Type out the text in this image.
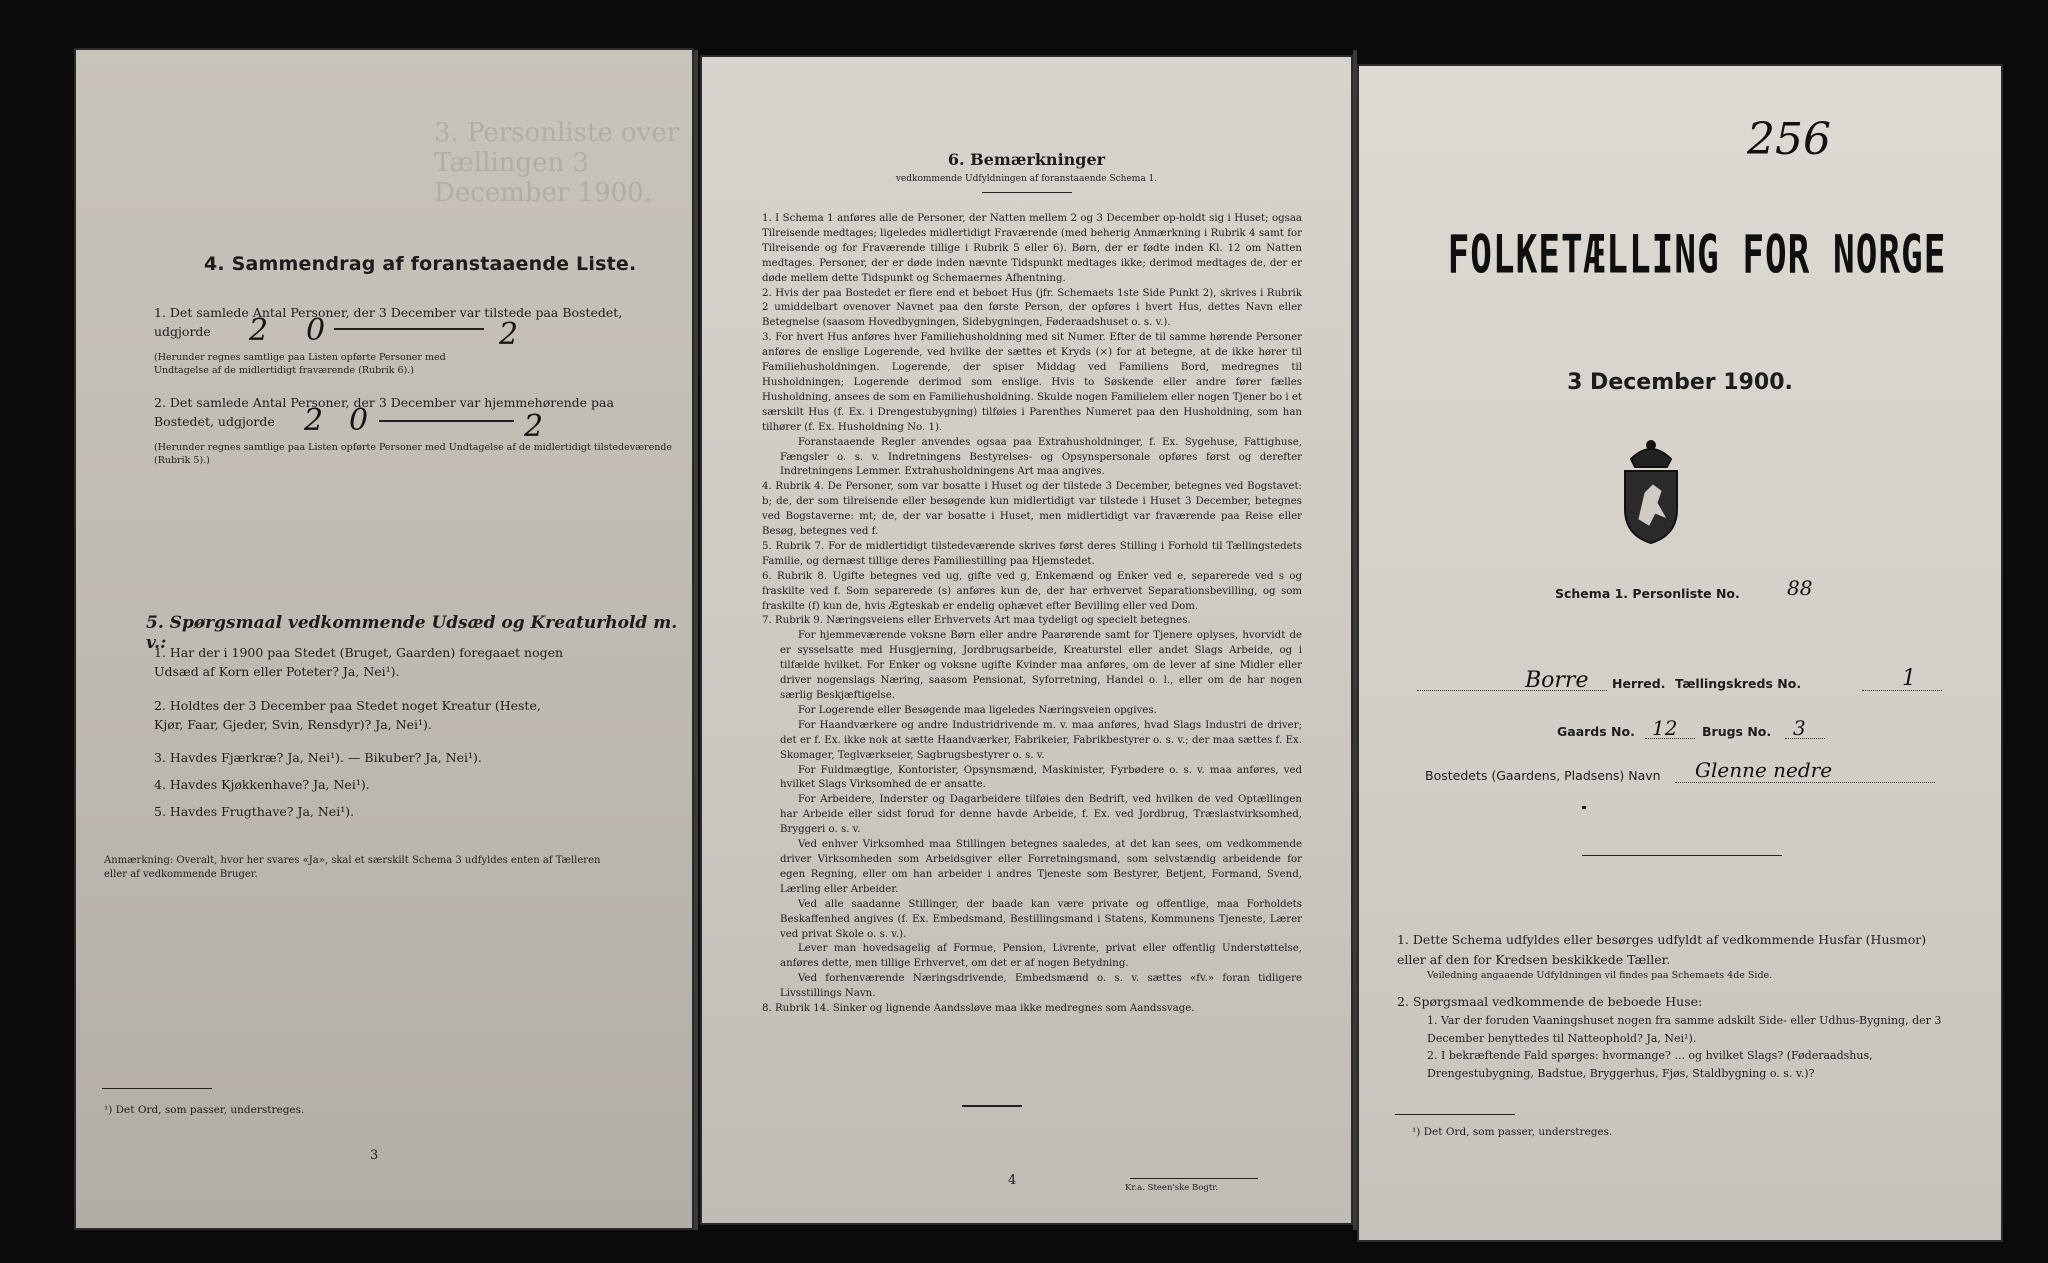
3. Personliste over Tællingen 3 December 1900.
4. Sammendrag af foranstaaende Liste.
1. Det samlede Antal Personer, der 3 December var tilstede paa Bostedet,
udgjorde 2 0	2
(Herunder regnes samtlige paa Listen opførte Personer med Undtagelse af de midlertidigt fraværende (Rubrik 6).)
2. Det samlede Antal Personer, der 3 December var hjemmehørende paa
Bostedet, udgjorde 2 0	2
(Herunder regnes samtlige paa Listen opførte Personer med Undtagelse af de midlertidigt tilstedeværende (Rubrik 5).)
5. Spørgsmaal vedkommende Udsæd og Kreaturhold m. v.:
1. Har der i 1900 paa Stedet (Bruget, Gaarden) foregaaet nogen Udsæd af Korn eller Poteter? Ja, Nei¹).
2. Holdtes der 3 December paa Stedet noget Kreatur (Heste, Kjør, Faar, Gjeder, Svin, Rensdyr)? Ja, Nei¹).
3. Havdes Fjærkræ? Ja, Nei¹). — Bikuber? Ja, Nei¹).
4. Havdes Kjøkkenhave? Ja, Nei¹).
5. Havdes Frugthave? Ja, Nei¹).
Anmærkning: Overalt, hvor her svares «Ja», skal et særskilt Schema 3 udfyldes enten af Tælleren eller af vedkommende Bruger.
¹) Det Ord, som passer, understreges.
3
6. Bemærkninger
vedkommende Udfyldningen af foranstaaende Schema 1.

1. I Schema 1 anføres alle de Personer, der Natten mellem 2 og 3 December op-holdt sig i Huset; ogsaa Tilreisende medtages; ligeledes midlertidigt Fraværende (med beherig Anmærkning i Rubrik 4 samt for Tilreisende og for Fraværende tillige i Rubrik 5 eller 6). Børn, der er fødte inden Kl. 12 om Natten medtages. Personer, der er døde inden nævnte Tidspunkt medtages ikke; derimod medtages de, der er døde mellem dette Tidspunkt og Schemaernes Afhentning.

2. Hvis der paa Bostedet er flere end et beboet Hus (jfr. Schemaets 1ste Side Punkt 2), skrives i Rubrik 2 umiddelbart ovenover Navnet paa den første Person, der opføres i hvert Hus, dettes Navn eller Betegnelse (saasom Hovedbygningen, Sidebygningen, Føderaadshuset o. s. v.).

3. For hvert Hus anføres hver Familiehusholdning med sit Numer. Efter de til samme hørende Personer anføres de enslige Logerende, ved hvilke der sættes et Kryds (×) for at betegne, at de ikke hører til Familiehusholdningen. Logerende, der spiser Middag ved Familiens Bord, medregnes til Husholdningen; Logerende derimod som enslige. Hvis to Søskende eller andre fører fælles Husholdning, ansees de som en Familiehusholdning. Skulde nogen Familielem eller nogen Tjener bo i et særskilt Hus (f. Ex. i Drengestubygning) tilføies i Parenthes Numeret paa den Husholdning, som han tilhører (f. Ex. Husholdning No. 1).

Foranstaaende Regler anvendes ogsaa paa Extrahusholdninger, f. Ex. Sygehuse, Fattighuse, Fængsler o. s. v. Indretningens Bestyrelses- og Opsynspersonale opføres først og derefter Indretningens Lemmer. Extrahusholdningens Art maa angives.

4. Rubrik 4. De Personer, som var bosatte i Huset og der tilstede 3 December, betegnes ved Bogstavet: b; de, der som tilreisende eller besøgende kun midlertidigt var tilstede i Huset 3 December, betegnes ved Bogstaverne: mt; de, der var bosatte i Huset, men midlertidigt var fraværende paa Reise eller Besøg, betegnes ved f.

5. Rubrik 7. For de midlertidigt tilstedeværende skrives først deres Stilling i Forhold til Tællingstedets Familie, og dernæst tillige deres Familiestilling paa Hjemstedet.

6. Rubrik 8. Ugifte betegnes ved ug, gifte ved g, Enkemænd og Enker ved e, separerede ved s og fraskilte ved f. Som separerede (s) anføres kun de, der har erhvervet Separationsbevilling, og som fraskilte (f) kun de, hvis Ægteskab er endelig ophævet efter Bevilling eller ved Dom.

7. Rubrik 9. Næringsveiens eller Erhvervets Art maa tydeligt og specielt betegnes.

For hjemmeværende voksne Børn eller andre Paarørende samt for Tjenere oplyses, hvorvidt de er sysselsatte med Husgjerning, Jordbrugsarbeide, Kreaturstel eller andet Slags Arbeide, og i tilfælde hvilket. For Enker og voksne ugifte Kvinder maa anføres, om de lever af sine Midler eller driver nogenslags Næring, saasom Pensionat, Syforretning, Handel o. l., eller om de har nogen særlig Beskjæftigelse.

For Logerende eller Besøgende maa ligeledes Næringsveien opgives.

For Haandværkere og andre Industridrivende m. v. maa anføres, hvad Slags Industri de driver; det er f. Ex. ikke nok at sætte Haandværker, Fabrikeier, Fabrikbestyrer o. s. v.; der maa sættes f. Ex. Skomager, Teglværkseier, Sagbrugsbestyrer o. s. v.

For Fuldmægtige, Kontorister, Opsynsmænd, Maskinister, Fyrbødere o. s. v. maa anføres, ved hvilket Slags Virksomhed de er ansatte.

For Arbeidere, Inderster og Dagarbeidere tilføies den Bedrift, ved hvilken de ved Optællingen har Arbeide eller sidst forud for denne havde Arbeide, f. Ex. ved Jordbrug, Træslastvirksomhed, Bryggeri o. s. v.

Ved enhver Virksomhed maa Stillingen betegnes saaledes, at det kan sees, om vedkommende driver Virksomheden som Arbeidsgiver eller Forretningsmand, som selvstændig arbeidende for egen Regning, eller om han arbeider i andres Tjeneste som Bestyrer, Betjent, Formand, Svend, Lærling eller Arbeider.

Ved alle saadanne Stillinger, der baade kan være private og offentlige, maa Forholdets Beskaffenhed angives (f. Ex. Embedsmand, Bestillingsmand i Statens, Kommunens Tjeneste, Lærer ved privat Skole o. s. v.).

Lever man hovedsagelig af Formue, Pension, Livrente, privat eller offentlig Understøttelse, anføres dette, men tillige Erhvervet, om det er af nogen Betydning.

Ved forhenværende Næringsdrivende, Embedsmænd o. s. v. sættes «fv.» foran tidligere Livsstillings Navn.

8. Rubrik 14. Sinker og lignende Aandssløve maa ikke medregnes som Aandssvage.

4	Kr.a. Steen'ske Bogtr.
256
FOLKETÆLLING FOR NORGE
3 December 1900.
Schema 1. Personliste No. 88
Borre Herred. Tællingskreds No.	1
Gaards No. 12 Brugs No. 3
Bostedets (Gaardens, Pladsens) Navn Glenne nedre
1. Dette Schema udfyldes eller besørges udfyldt af vedkommende Husfar (Husmor) eller af den for Kredsen beskikkede Tæller.
Veiledning angaaende Udfyldningen vil findes paa Schemaets 4de Side.
2. Spørgsmaal vedkommende de beboede Huse:
1. Var der foruden Vaaningshuset nogen fra samme adskilt Side- eller Udhus-Bygning, der 3 December benyttedes til Natteophold? Ja, Nei¹).
2. I bekræftende Fald spørges: hvormange? ... og hvilket Slags? (Føderaadshus, Drengestubygning, Badstue, Bryggerhus, Fjøs, Staldbygning o. s. v.)?
¹) Det Ord, som passer, understreges.
